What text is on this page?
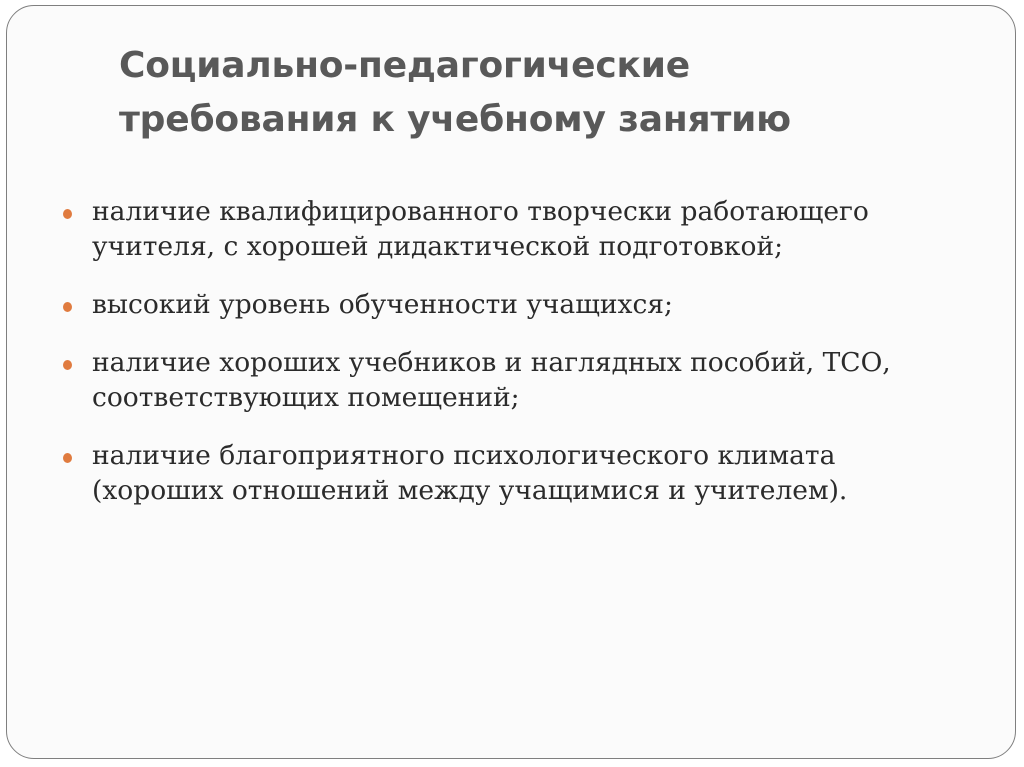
Социально-педагогические
требования к учебному занятию
наличие квалифицированного творчески работающего
учителя, с хорошей дидактической подготовкой;
высокий уровень обученности учащихся;
наличие хороших учебников и наглядных пособий, ТСО,
соответствующих помещений;
наличие благоприятного психологического климата
(хороших отношений между учащимися и учителем).
